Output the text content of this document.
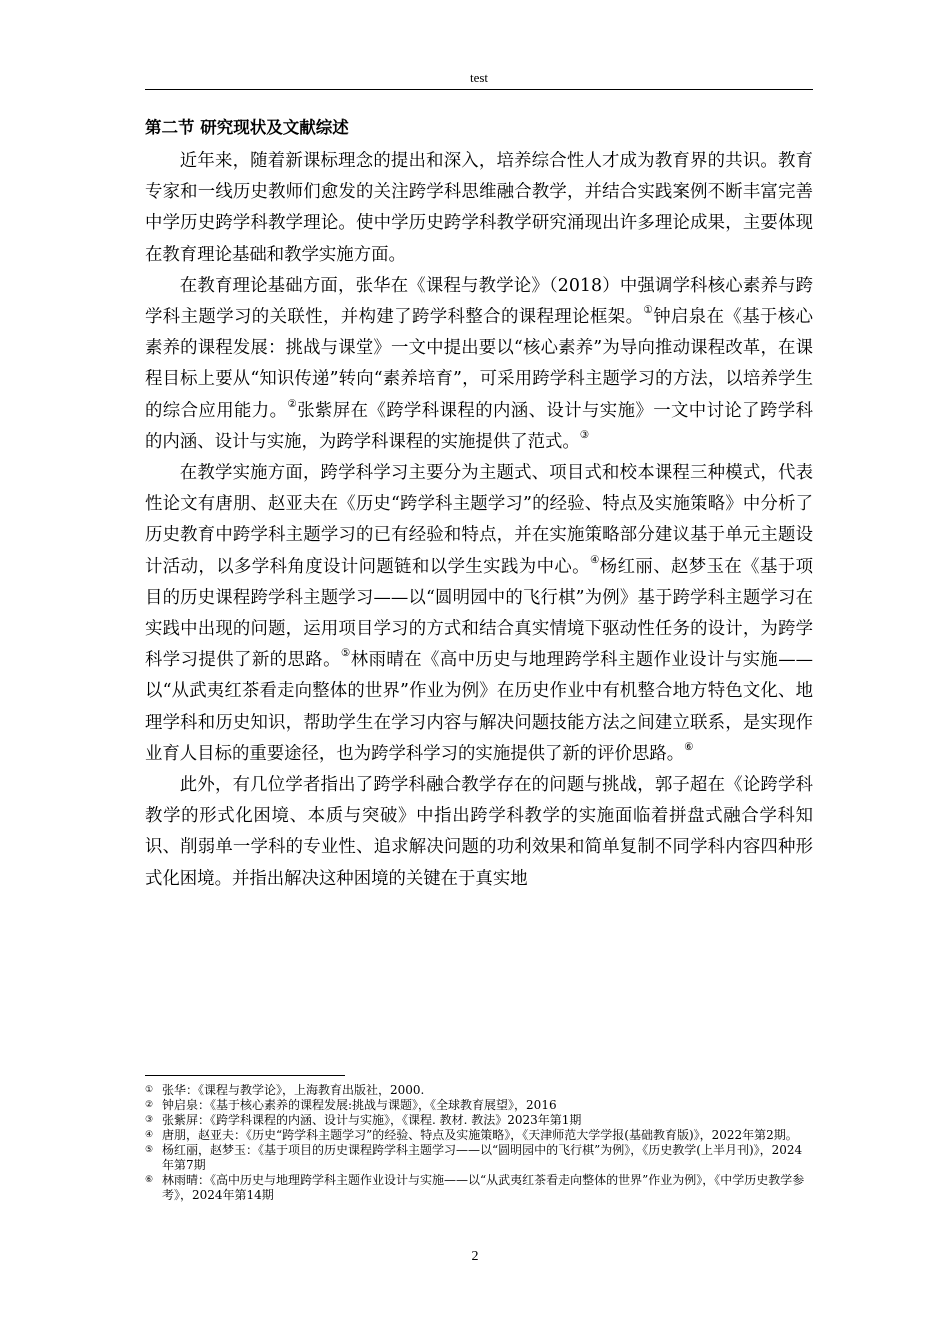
test
第二节 研究现状及文献综述

近年来，随着新课标理念的提出和深入，培养综合性人才成为教育界的共识。教育专家和一线历史教师们愈发的关注跨学科思维融合教学，并结合实践案例不断丰富完善中学历史跨学科教学理论。使中学历史跨学科教学研究涌现出许多理论成果，主要体现在教育理论基础和教学实施方面。

在教育理论基础方面，张华在《课程与教学论》（2018）中强调学科核心素养与跨学科主题学习的关联性，并构建了跨学科整合的课程理论框架。①钟启泉在《基于核心素养的课程发展：挑战与课堂》一文中提出要以“核心素养”为导向推动课程改革，在课程目标上要从“知识传递”转向“素养培育”，可采用跨学科主题学习的方法，以培养学生的综合应用能力。②张紫屏在《跨学科课程的内涵、设计与实施》一文中讨论了跨学科的内涵、设计与实施，为跨学科课程的实施提供了范式。③

在教学实施方面，跨学科学习主要分为主题式、项目式和校本课程三种模式，代表性论文有唐朋、赵亚夫在《历史“跨学科主题学习”的经验、特点及实施策略》中分析了历史教育中跨学科主题学习的已有经验和特点，并在实施策略部分建议基于单元主题设计活动，以多学科角度设计问题链和以学生实践为中心。④杨红丽、赵梦玉在《基于项目的历史课程跨学科主题学习——以“圆明园中的飞行棋”为例》基于跨学科主题学习在实践中出现的问题，运用项目学习的方式和结合真实情境下驱动性任务的设计，为跨学科学习提供了新的思路。⑤林雨晴在《高中历史与地理跨学科主题作业设计与实施——以“从武夷红茶看走向整体的世界”作业为例》在历史作业中有机整合地方特色文化、地理学科和历史知识，帮助学生在学习内容与解决问题技能方法之间建立联系，是实现作业育人目标的重要途径，也为跨学科学习的实施提供了新的评价思路。⑥

此外，有几位学者指出了跨学科融合教学存在的问题与挑战，郭子超在《论跨学科教学的形式化困境、本质与突破》中指出跨学科教学的实施面临着拼盘式融合学科知识、削弱单一学科的专业性、追求解决问题的功利效果和简单复制不同学科内容四种形式化困境。并指出解决这种困境的关键在于真实地

① 张华：《课程与教学论》，上海教育出版社，2000.
② 钟启泉：《基于核心素养的课程发展:挑战与课题》，《全球教育展望》，2016
③ 张紫屏：《跨学科课程的内涵、设计与实施》，《课程. 教材. 教法》2023年第1期
④ 唐朋，赵亚夫：《历史“跨学科主题学习”的经验、特点及实施策略》，《天津师范大学学报(基础教育版)》，2022年第2期。
⑤ 杨红丽，赵梦玉：《基于项目的历史课程跨学科主题学习——以“圆明园中的飞行棋”为例》，《历史教学(上半月刊)》，2024年第7期
⑥ 林雨晴：《高中历史与地理跨学科主题作业设计与实施——以“从武夷红茶看走向整体的世界”作业为例》，《中学历史教学参考》，2024年第14期
2
